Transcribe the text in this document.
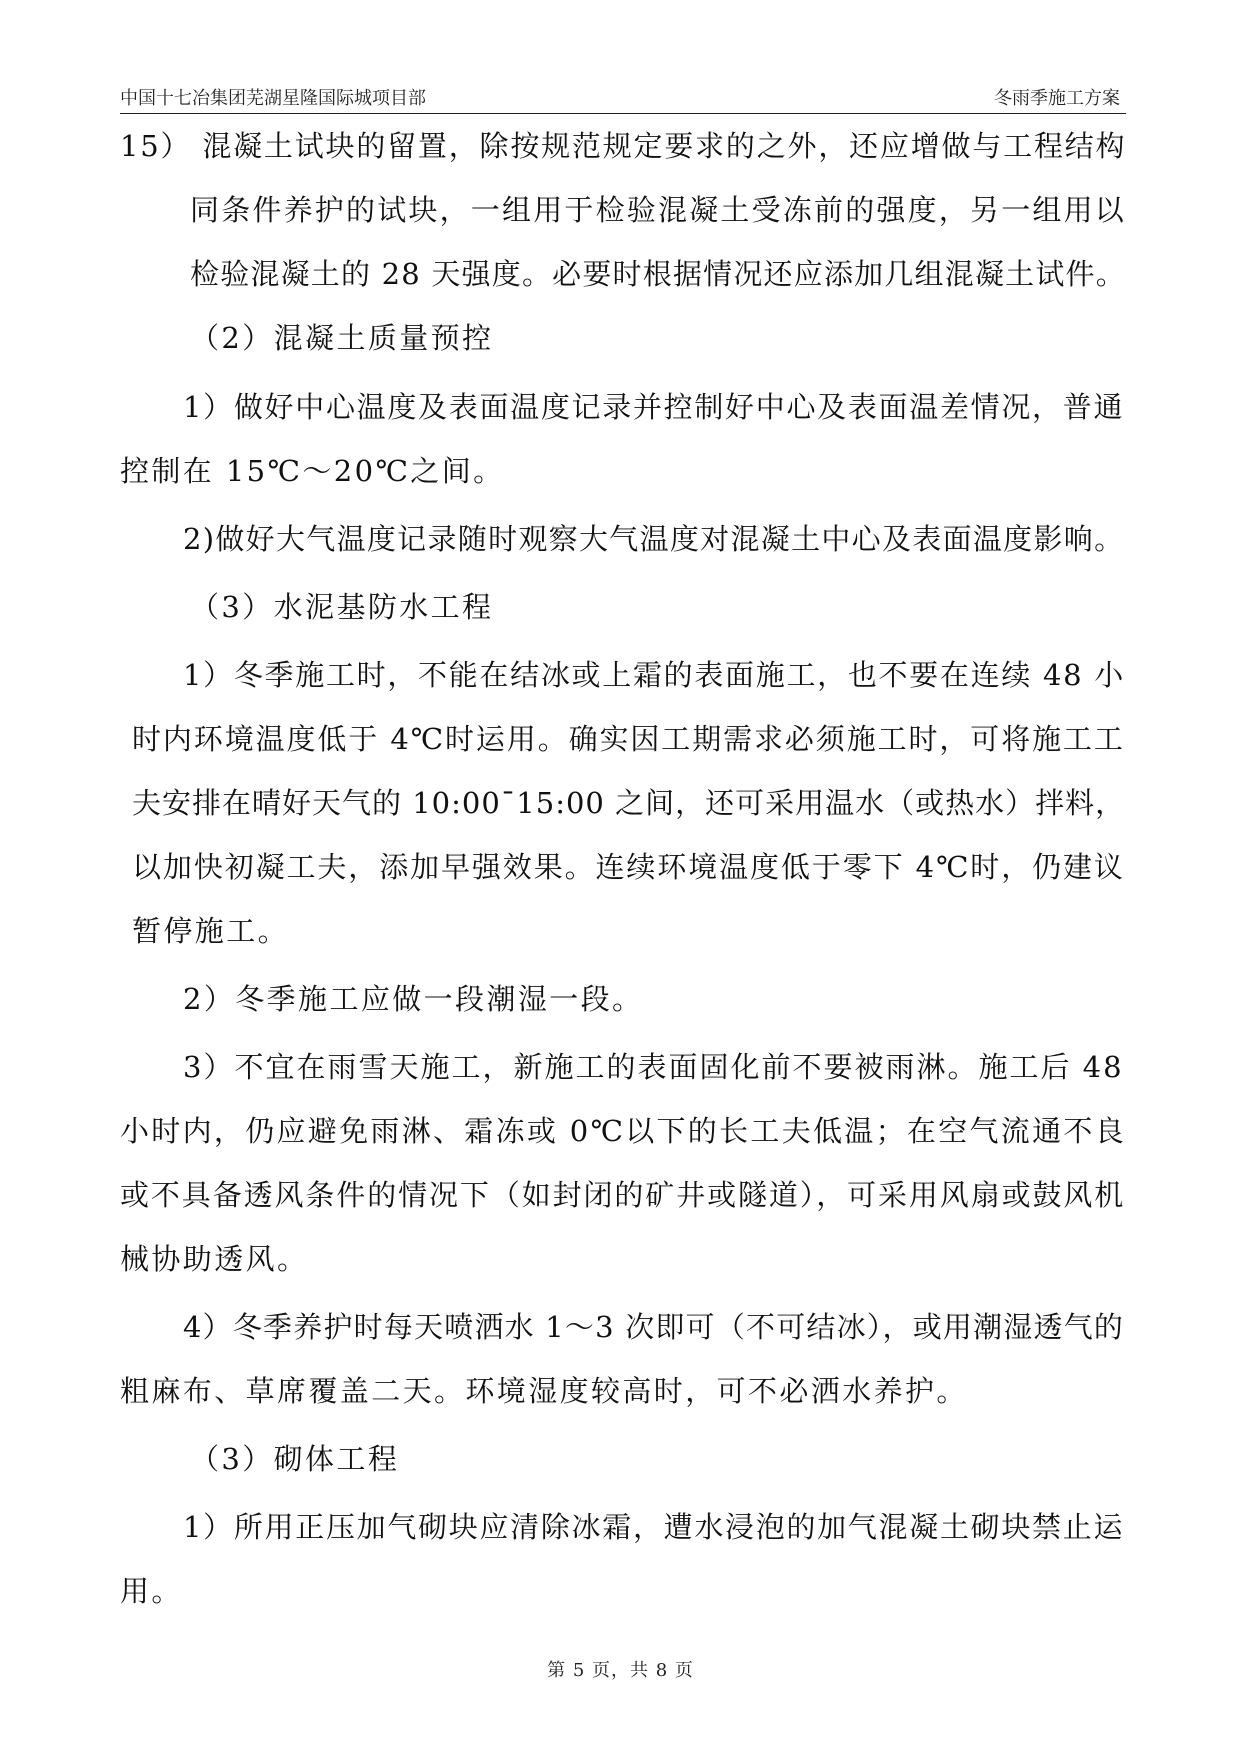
中国十七冶集团芜湖星隆国际城项目部	冬雨季施工方案
15） 混凝土试块的留置，除按规范规定要求的之外，还应增做与工程结构
同条件养护的试块，一组用于检验混凝土受冻前的强度，另一组用以
检验混凝土的 28 天强度。必要时根据情况还应添加几组混凝土试件。
（2）混凝土质量预控
1）做好中心温度及表面温度记录并控制好中心及表面温差情况，普通
控制在 15℃～20℃之间。
2)做好大气温度记录随时观察大气温度对混凝土中心及表面温度影响。
（3）水泥基防水工程
1）冬季施工时，不能在结冰或上霜的表面施工，也不要在连续 48 小
时内环境温度低于 4℃时运用。确实因工期需求必须施工时，可将施工工
夫安排在晴好天气的 10:00¯15:00 之间，还可采用温水（或热水）拌料，
以加快初凝工夫，添加早强效果。连续环境温度低于零下 4℃时，仍建议
暂停施工。
2）冬季施工应做一段潮湿一段。
3）不宜在雨雪天施工，新施工的表面固化前不要被雨淋。施工后 48
小时内，仍应避免雨淋、霜冻或 0℃以下的长工夫低温；在空气流通不良
或不具备透风条件的情况下（如封闭的矿井或隧道），可采用风扇或鼓风机
械协助透风。
4）冬季养护时每天喷洒水 1～3 次即可（不可结冰），或用潮湿透气的
粗麻布、草席覆盖二天。环境湿度较高时，可不必洒水养护。
（3）砌体工程
1）所用正压加气砌块应清除冰霜，遭水浸泡的加气混凝土砌块禁止运
用。
第 5 页，共 8 页
